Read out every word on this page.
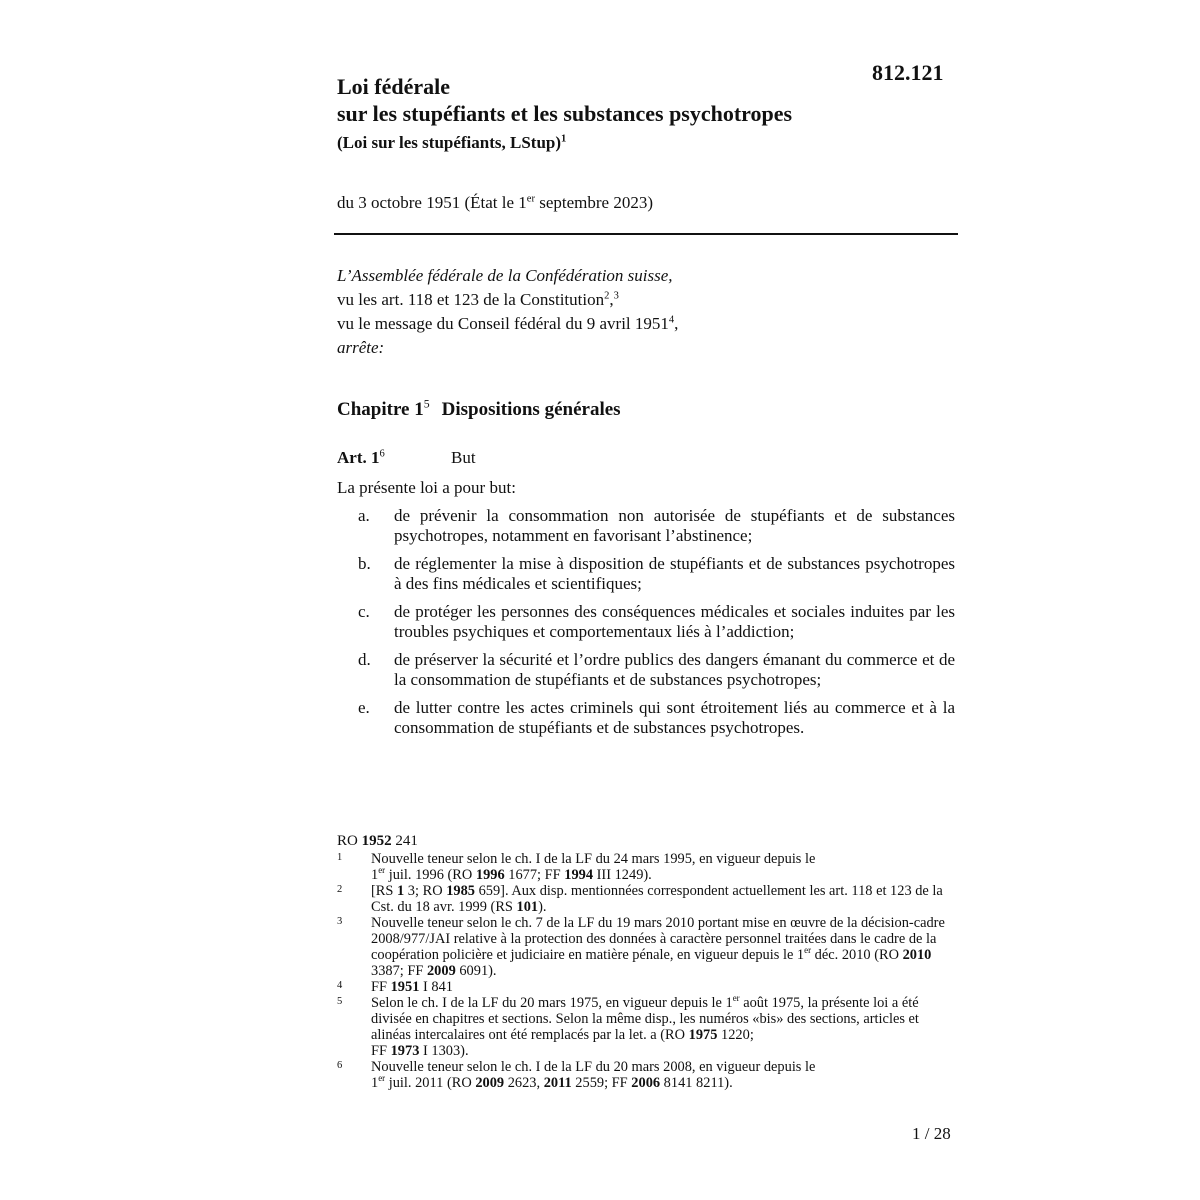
812.121
Loi fédérale
sur les stupéfiants et les substances psychotropes
(Loi sur les stupéfiants, LStup)$^1$
du 3 octobre 1951 (État le 1er septembre 2023)
L’Assemblée fédérale de la Confédération suisse,
vu les art. 118 et 123 de la Constitution$^2$,$^3$
vu le message du Conseil fédéral du 9 avril 1951$^4$,
arrête:
Chapitre $1^5$ Dispositions générales
Art. $1^6$	But
La présente loi a pour but:
a.	de prévenir la consommation non autorisée de stupéfiants et de substances psychotropes, notamment en favorisant l’abstinence;
b.	de réglementer la mise à disposition de stupéfiants et de substances psychotropes à des fins médicales et scientifiques;
c.	de protéger les personnes des conséquences médicales et sociales induites par les troubles psychiques et comportementaux liés à l’addiction;
d.	de préserver la sécurité et l’ordre publics des dangers émanant du commerce et de la consommation de stupéfiants et de substances psychotropes;
e.	de lutter contre les actes criminels qui sont étroitement liés au commerce et à la consommation de stupéfiants et de substances psychotropes.
RO 1952 241
1	Nouvelle teneur selon le ch. I de la LF du 24 mars 1995, en vigueur depuis le
1er juil. 1996 (RO 1996 1677; FF 1994 III 1249).
2	[RS 1 3; RO 1985 659]. Aux disp. mentionnées correspondent actuellement les art. 118 et 123 de la Cst. du 18 avr. 1999 (RS 101).
3	Nouvelle teneur selon le ch. 7 de la LF du 19 mars 2010 portant mise en œuvre de la décision-cadre 2008/977/JAI relative à la protection des données à caractère personnel traitées dans le cadre de la coopération policière et judiciaire en matière pénale, en vigueur depuis le 1er déc. 2010 (RO 2010 3387; FF 2009 6091).
4	FF 1951 I 841
5	Selon le ch. I de la LF du 20 mars 1975, en vigueur depuis le 1er août 1975, la présente loi a été divisée en chapitres et sections. Selon la même disp., les numéros «bis» des sections, articles et alinéas intercalaires ont été remplacés par la let. a (RO 1975 1220;
FF 1973 I 1303).
6	Nouvelle teneur selon le ch. I de la LF du 20 mars 2008, en vigueur depuis le
1er juil. 2011 (RO 2009 2623, 2011 2559; FF 2006 8141 8211).
1 / 28
